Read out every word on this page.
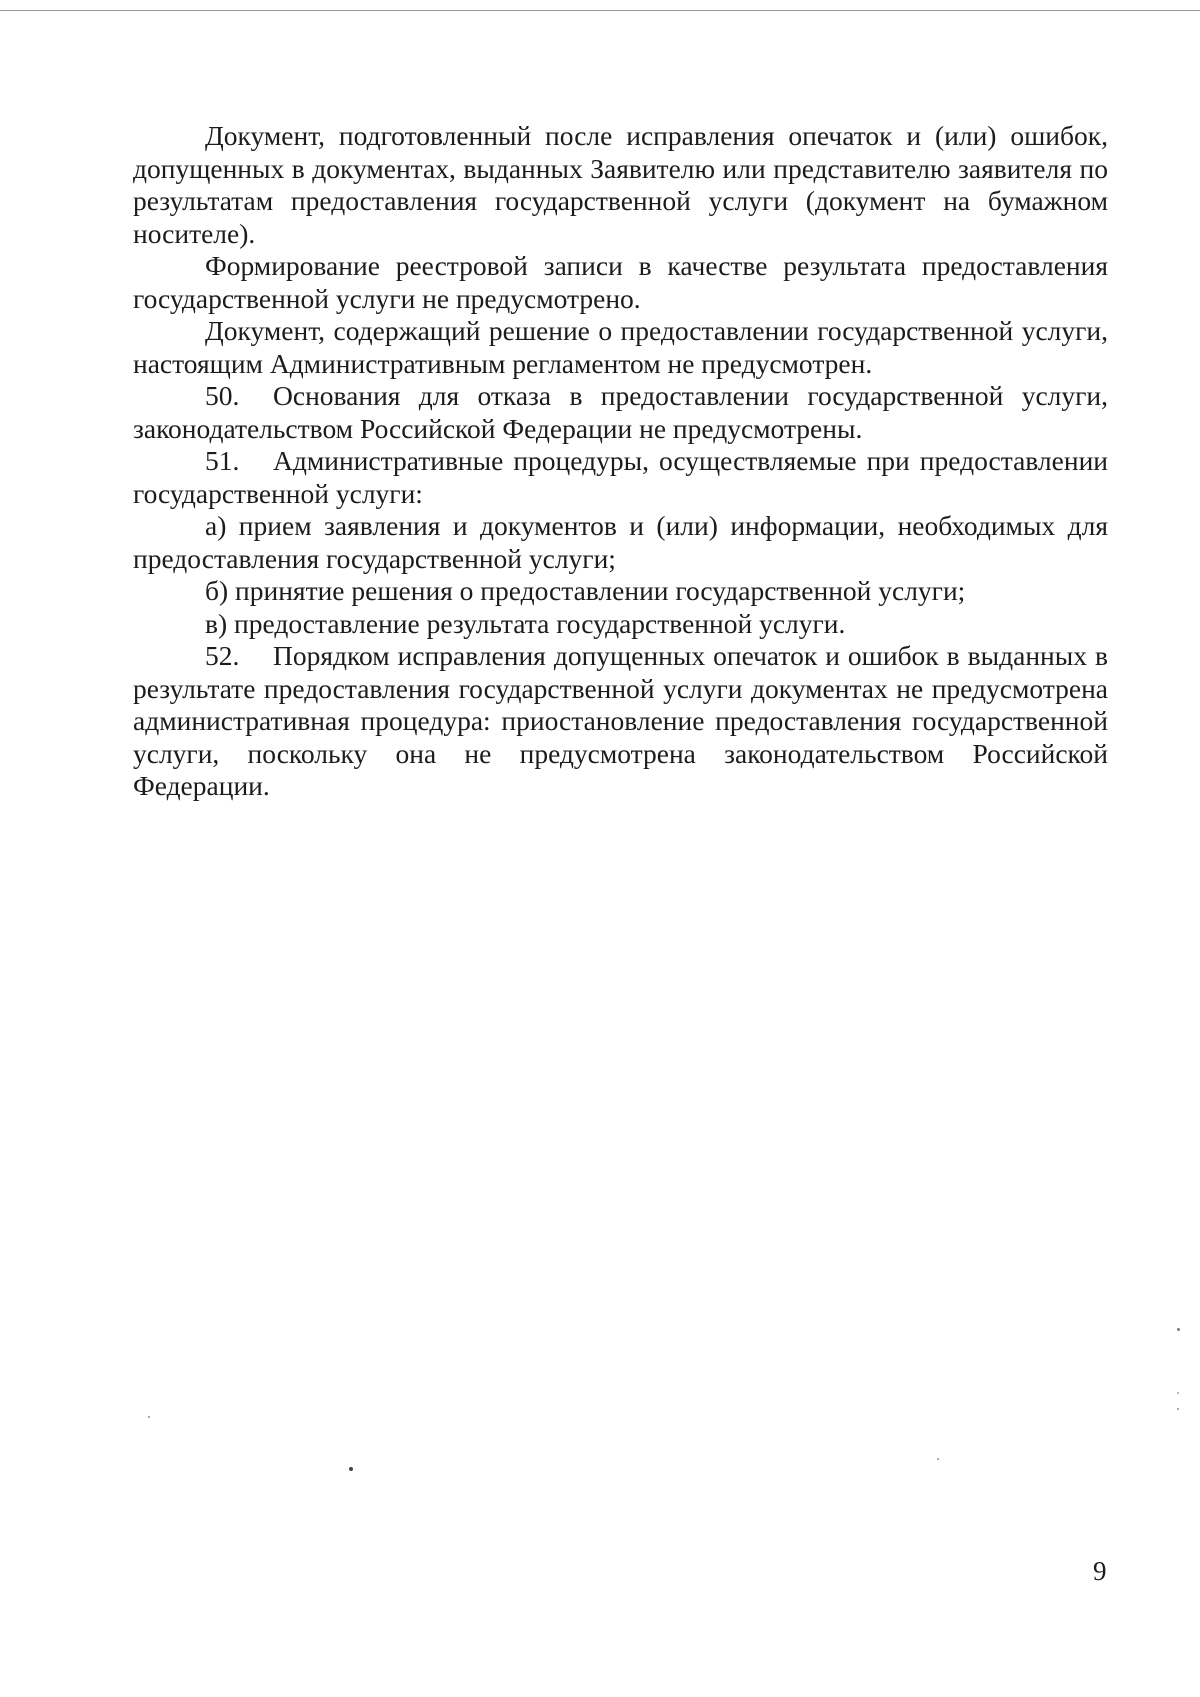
Документ, подготовленный после исправления опечаток и (или) ошибок, допущенных в документах, выданных Заявителю или представителю заявителя по результатам предоставления государственной услуги (документ на бумажном носителе).

Формирование реестровой записи в качестве результата предоставления государственной услуги не предусмотрено.

Документ, содержащий решение о предоставлении государственной услуги, настоящим Административным регламентом не предусмотрен.

50. Основания для отказа в предоставлении государственной услуги, законодательством Российской Федерации не предусмотрены.

51. Административные процедуры, осуществляемые при предоставлении государственной услуги:

а) прием заявления и документов и (или) информации, необходимых для предоставления государственной услуги;

б) принятие решения о предоставлении государственной услуги;

в) предоставление результата государственной услуги.

52. Порядком исправления допущенных опечаток и ошибок в выданных в результате предоставления государственной услуги документах не предусмотрена административная процедура: приостановление предоставления государственной услуги, поскольку она не предусмотрена законодательством Российской Федерации.

9
